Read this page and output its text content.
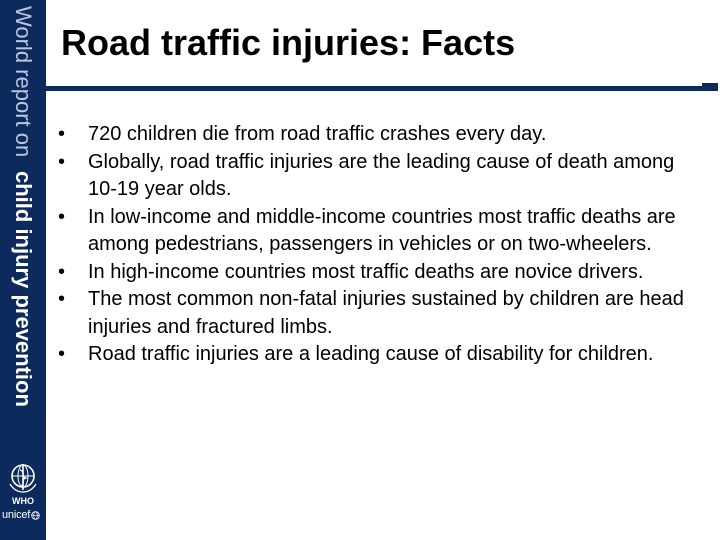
World report on child injury prevention
WHO
unicef
Road traffic injuries: Facts
• 720 children die from road traffic crashes every day.
• Globally, road traffic injuries are the leading cause of death among 10-19 year olds.
• In low-income and middle-income countries most traffic deaths are among pedestrians, passengers in vehicles or on two-wheelers.
• In high-income countries most traffic deaths are novice drivers.
• The most common non-fatal injuries sustained by children are head injuries and fractured limbs.
• Road traffic injuries are a leading cause of disability for children.
